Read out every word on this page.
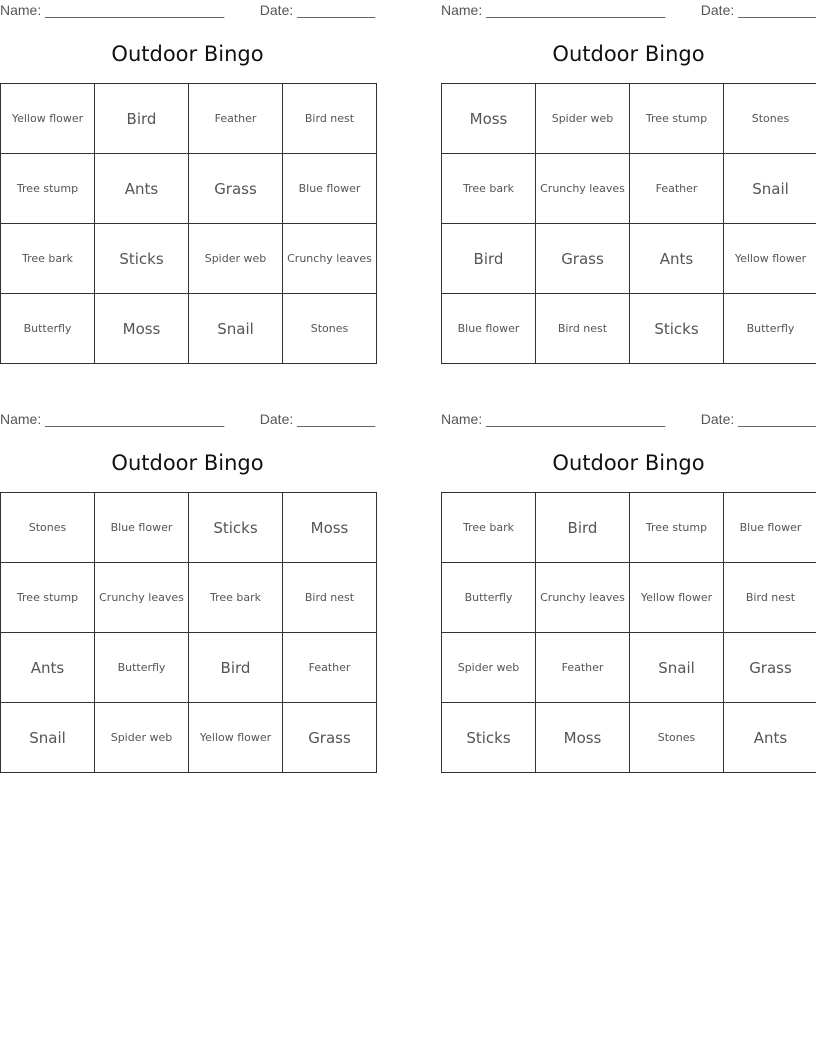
Name: _______________________	Date: __________
Outdoor Bingo
Yellow flower	Bird	Feather	Bird nest
Tree stump	Ants	Grass	Blue flower
Tree bark	Sticks	Spider web	Crunchy leaves
Butterfly	Moss	Snail	Stones
Name: _______________________	Date: __________
Outdoor Bingo
Moss	Spider web	Tree stump	Stones
Tree bark	Crunchy leaves	Feather	Snail
Bird	Grass	Ants	Yellow flower
Blue flower	Bird nest	Sticks	Butterfly
Name: _______________________	Date: __________
Outdoor Bingo
Stones	Blue flower	Sticks	Moss
Tree stump	Crunchy leaves	Tree bark	Bird nest
Ants	Butterfly	Bird	Feather
Snail	Spider web	Yellow flower	Grass
Name: _______________________	Date: __________
Outdoor Bingo
Tree bark	Bird	Tree stump	Blue flower
Butterfly	Crunchy leaves	Yellow flower	Bird nest
Spider web	Feather	Snail	Grass
Sticks	Moss	Stones	Ants
